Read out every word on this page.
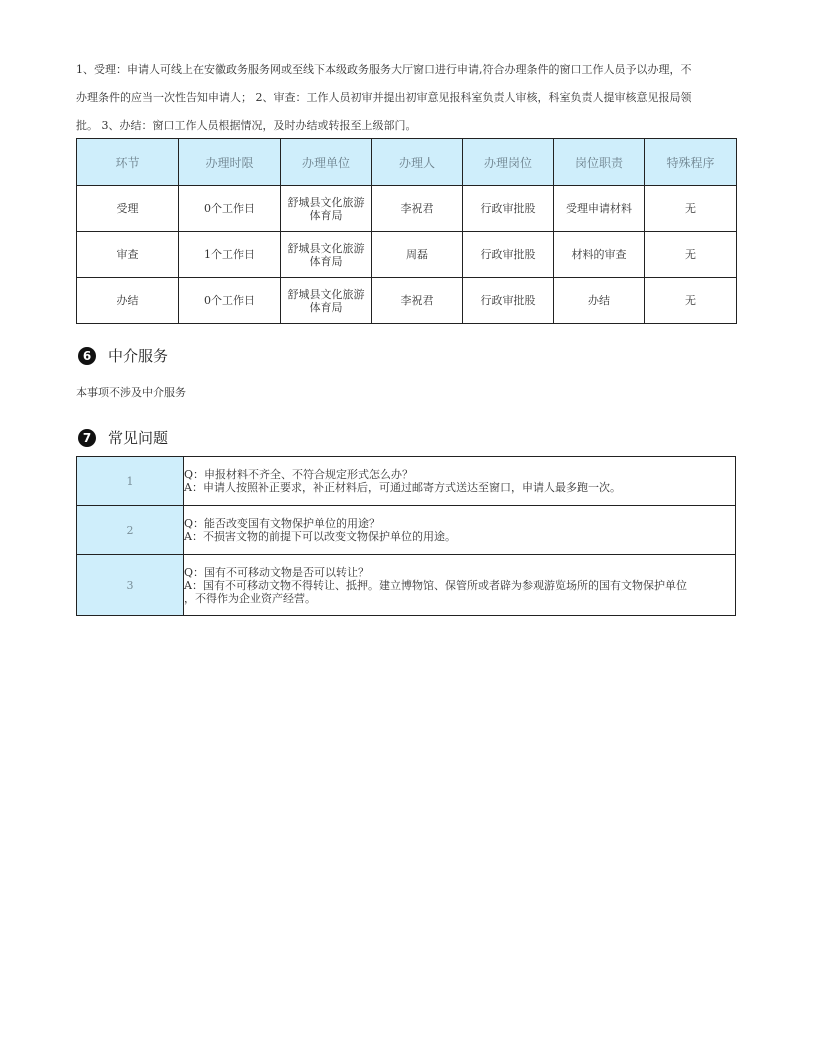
1、受理：申请人可线上在安徽政务服务网或至线下本级政务服务大厅窗口进行申请,符合办理条件的窗口工作人员予以办理，不
办理条件的应当一次性告知申请人； 2、审查：工作人员初审并提出初审意见报科室负责人审核，科室负责人提审核意见报局领
批。 3、办结：窗口工作人员根据情况，及时办结或转报至上级部门。
环节	办理时限	办理单位	办理人	办理岗位	岗位职责	特殊程序
受理	0个工作日	舒城县文化旅游体育局	李祝君	行政审批股	受理申请材料	无
审查	1个工作日	舒城县文化旅游体育局	周磊	行政审批股	材料的审查	无
办结	0个工作日	舒城县文化旅游体育局	李祝君	行政审批股	办结	无
6	中介服务
本事项不涉及中介服务
7	常见问题
1	Q：申报材料不齐全、不符合规定形式怎么办？
A：申请人按照补正要求，补正材料后，可通过邮寄方式送达至窗口，申请人最多跑一次。

2	Q：能否改变国有文物保护单位的用途？
A：不损害文物的前提下可以改变文物保护单位的用途。

3	Q：国有不可移动文物是否可以转让？
A：国有不可移动文物不得转让、抵押。建立博物馆、保管所或者辟为参观游览场所的国有文物保护单位
，不得作为企业资产经营。
